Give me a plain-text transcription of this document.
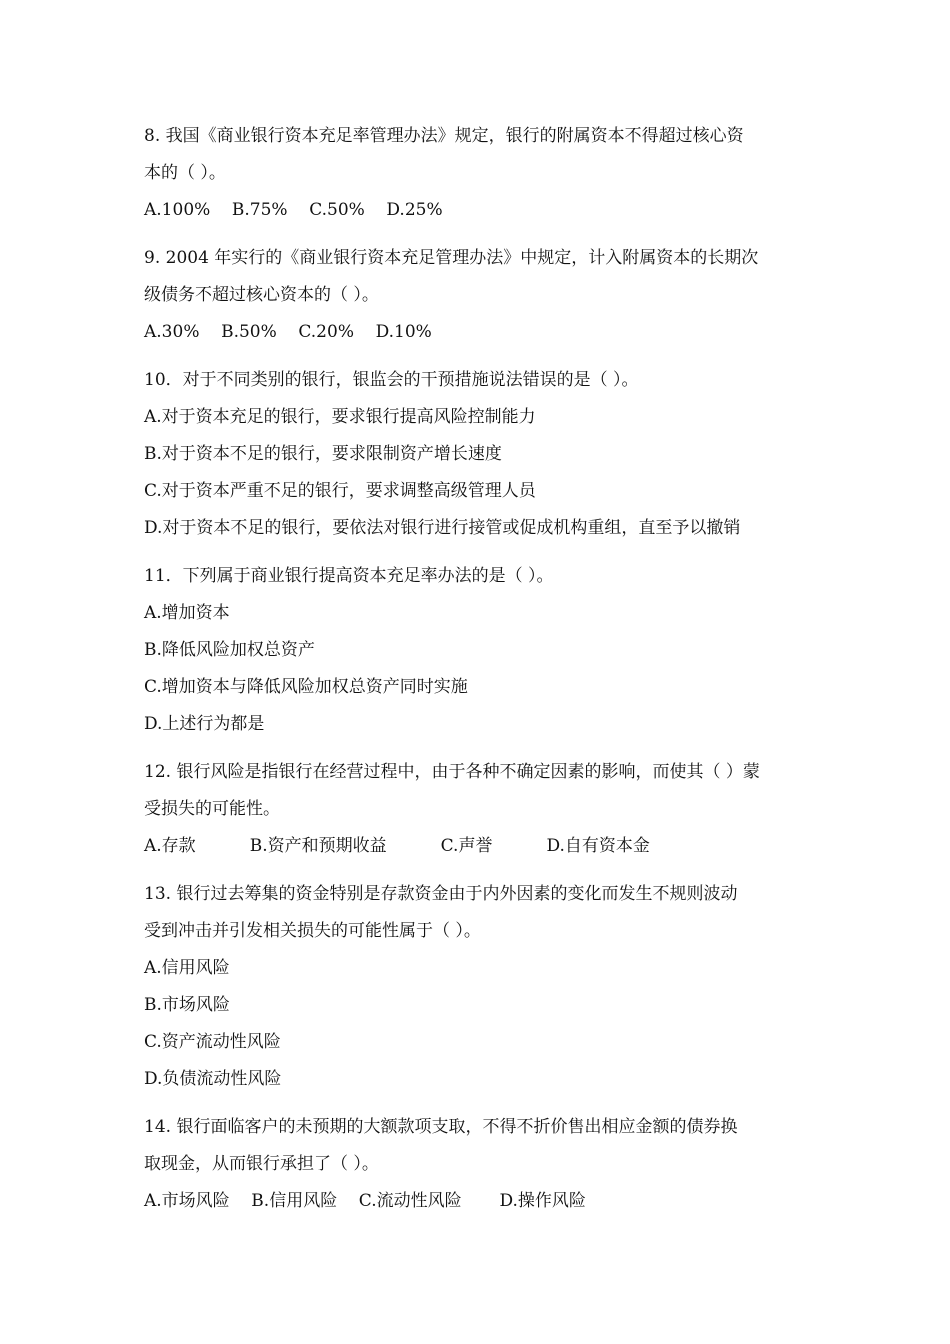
8. 我国《商业银行资本充足率管理办法》规定，银行的附属资本不得超过核心资
本的（ ）。
A.100%    B.75%    C.50%    D.25%
9. 2004 年实行的《商业银行资本充足管理办法》中规定，计入附属资本的长期次
级债务不超过核心资本的（ ）。
A.30%    B.50%    C.20%    D.10%
10．对于不同类别的银行，银监会的干预措施说法错误的是（ ）。
A.对于资本充足的银行，要求银行提高风险控制能力
B.对于资本不足的银行，要求限制资产增长速度
C.对于资本严重不足的银行，要求调整高级管理人员
D.对于资本不足的银行，要依法对银行进行接管或促成机构重组，直至予以撤销
11．下列属于商业银行提高资本充足率办法的是（ ）。
A.增加资本
B.降低风险加权总资产
C.增加资本与降低风险加权总资产同时实施
D.上述行为都是
12. 银行风险是指银行在经营过程中，由于各种不确定因素的影响，而使其（ ）蒙
受损失的可能性。
A.存款          B.资产和预期收益          C.声誉          D.自有资本金
13. 银行过去筹集的资金特别是存款资金由于内外因素的变化而发生不规则波动
受到冲击并引发相关损失的可能性属于（ ）。
A.信用风险
B.市场风险
C.资产流动性风险
D.负债流动性风险
14. 银行面临客户的未预期的大额款项支取，不得不折价售出相应金额的债券换
取现金，从而银行承担了（ ）。
A.市场风险    B.信用风险    C.流动性风险       D.操作风险
